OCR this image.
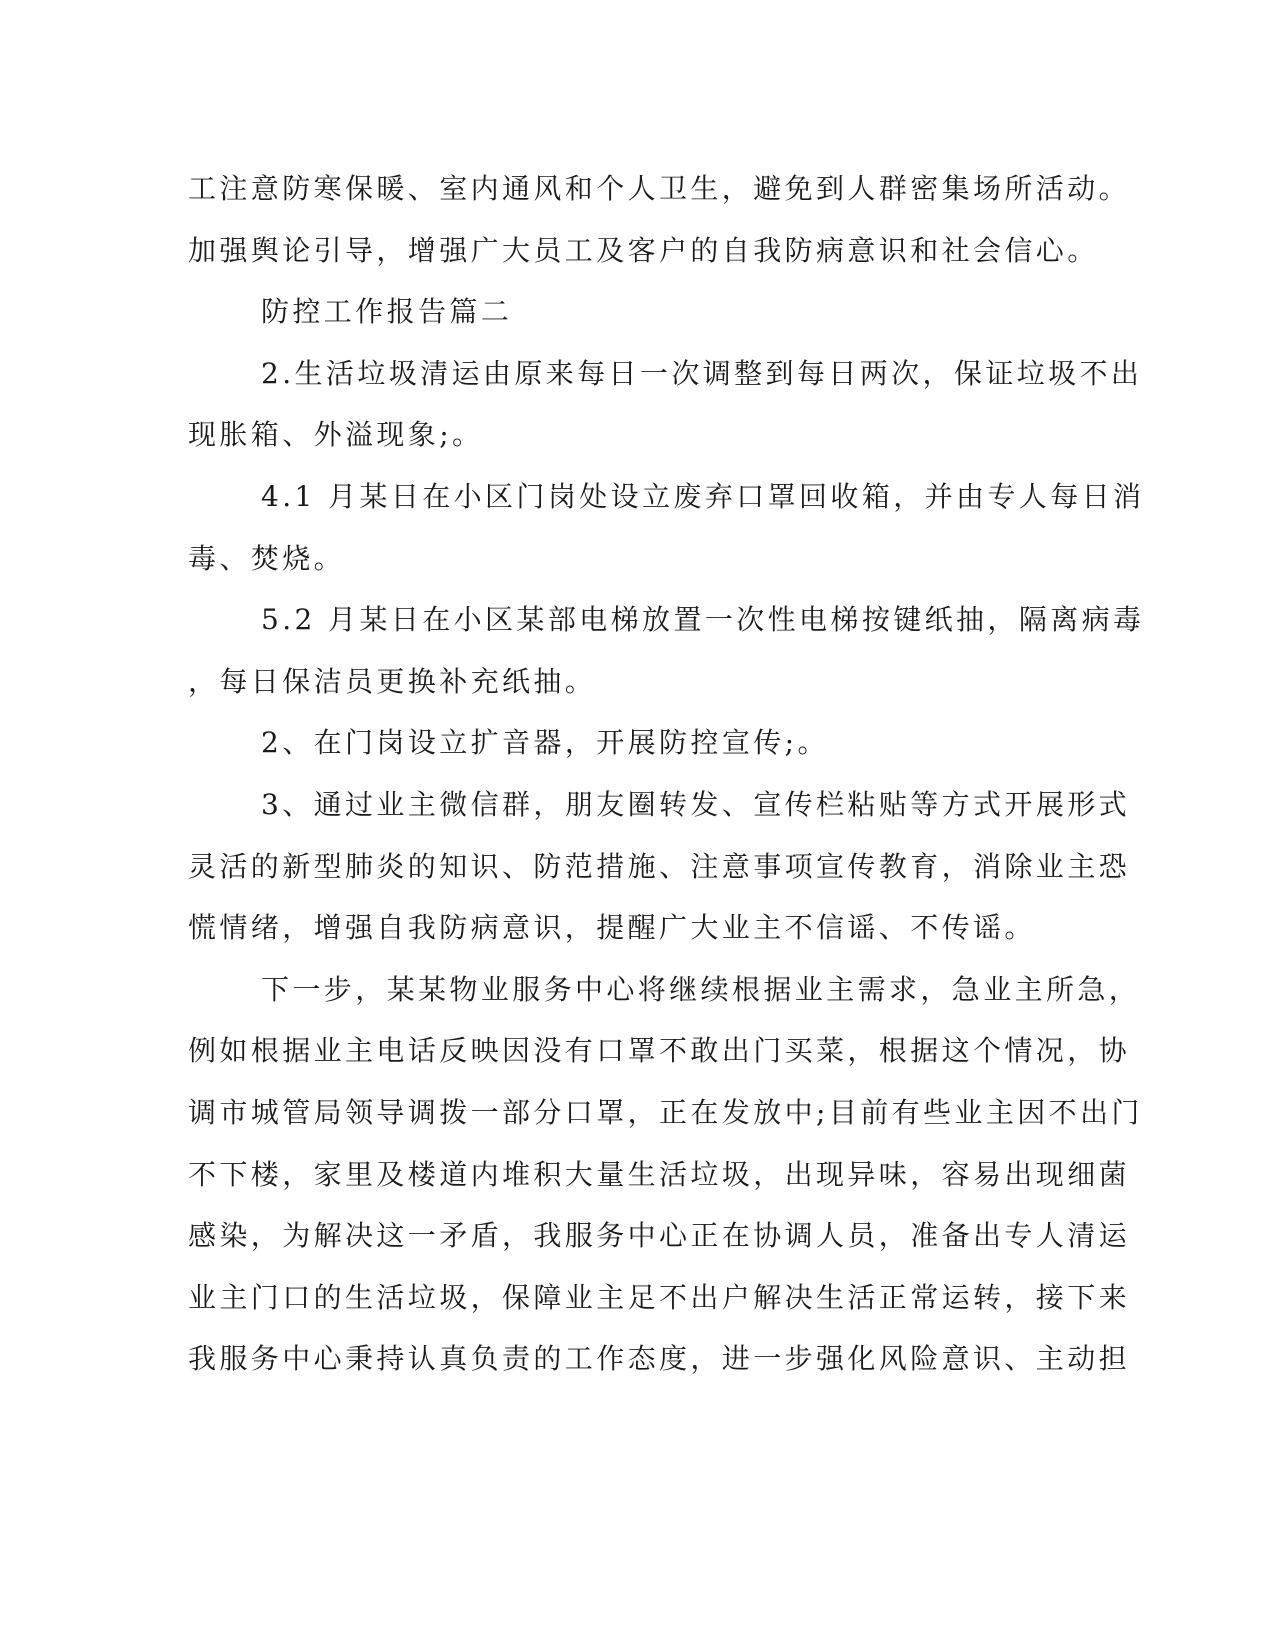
工注意防寒保暖、室内通风和个人卫生，避免到人群密集场所活动。
加强舆论引导，增强广大员工及客户的自我防病意识和社会信心。
防控工作报告篇二
2.生活垃圾清运由原来每日一次调整到每日两次，保证垃圾不出
现胀箱、外溢现象;。
4.1 月某日在小区门岗处设立废弃口罩回收箱，并由专人每日消
毒、焚烧。
5.2 月某日在小区某部电梯放置一次性电梯按键纸抽，隔离病毒
，每日保洁员更换补充纸抽。
2、在门岗设立扩音器，开展防控宣传;。
3、通过业主微信群，朋友圈转发、宣传栏粘贴等方式开展形式
灵活的新型肺炎的知识、防范措施、注意事项宣传教育，消除业主恐
慌情绪，增强自我防病意识，提醒广大业主不信谣、不传谣。
下一步，某某物业服务中心将继续根据业主需求，急业主所急，
例如根据业主电话反映因没有口罩不敢出门买菜，根据这个情况，协
调市城管局领导调拨一部分口罩，正在发放中;目前有些业主因不出门
不下楼，家里及楼道内堆积大量生活垃圾，出现异味，容易出现细菌
感染，为解决这一矛盾，我服务中心正在协调人员，准备出专人清运
业主门口的生活垃圾，保障业主足不出户解决生活正常运转，接下来
我服务中心秉持认真负责的工作态度，进一步强化风险意识、主动担
